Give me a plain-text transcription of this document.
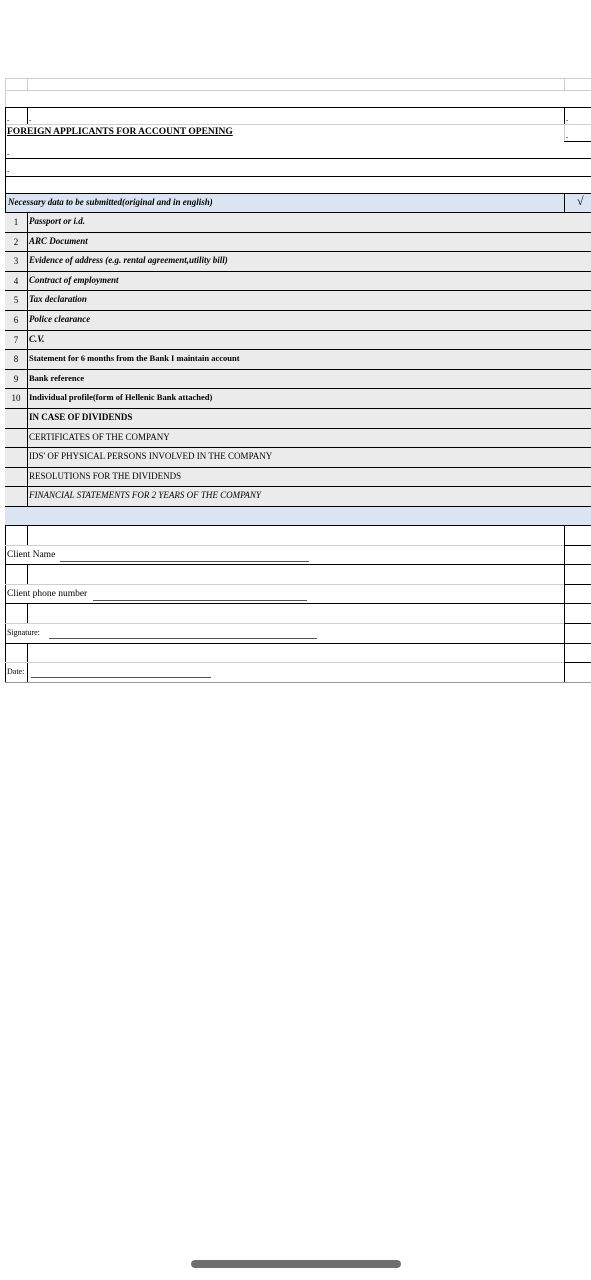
-	-	-
FOREIGN APPLICANTS FOR ACCOUNT OPENING	-
-
-
Necessary data to be submitted(original and in english)	√
1	Passport or i.d.
2	ARC Document
3	Evidence of address (e.g. rental agreement,utility bill)
4	Contract of employment
5	Tax declaration
6	Police clearance
7	C.V.
8	Statement for 6 months from the Bank I maintain account
9	Bank reference
10	Individual profile(form of Hellenic Bank attached)
IN CASE OF DIVIDENDS
CERTIFICATES OF THE COMPANY
IDS' OF PHYSICAL PERSONS INVOLVED IN THE COMPANY
RESOLUTIONS FOR THE DIVIDENDS
FINANCIAL STATEMENTS FOR 2 YEARS OF THE COMPANY
Client Name
Client phone number
Signature:
Date:
